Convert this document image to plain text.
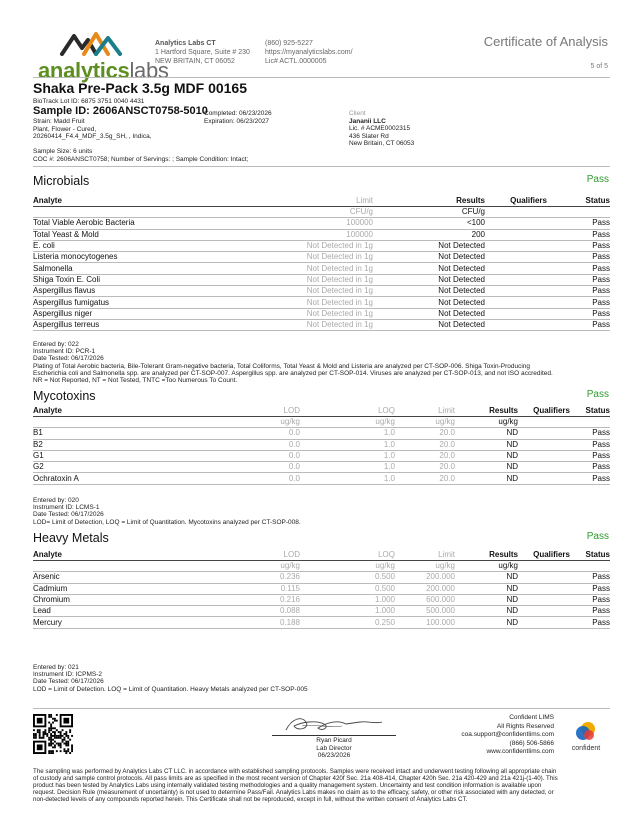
analyticslabs
Analytics Labs CT
1 Hartford Square, Suite # 230
NEW BRITAIN, CT 06052
(860) 925-5227
https://myanalyticslabs.com/
Lic# ACTL.0000005
Certificate of Analysis
5 of 5
Shaka Pre-Pack 3.5g MDF 00165
BioTrack Lot ID: 6875 3751 0040 4431
Sample ID: 2606ANSCT0758-5010
Strain: Madd Fruit
Plant, Flower - Cured,
20260414_F4.4_MDF_3.5g_SH, , Indica,
Completed: 06/23/2026
Expiration: 06/23/2027
Sample Size: 6 units
COC #: 2606ANSCT0758; Number of Servings: ; Sample Condition: Intact;
Client
Jananii LLC
Lic. # ACME0002315
436 Slater Rd
New Britain, CT 06053
Microbials	Pass
Analyte	Limit	Results	Qualifiers	Status
	CFU/g	CFU/g		
Total Viable Aerobic Bacteria	100000	<100		Pass
Total Yeast & Mold	100000	200		Pass
E. coli	Not Detected in 1g	Not Detected		Pass
Listeria monocytogenes	Not Detected in 1g	Not Detected		Pass
Salmonella	Not Detected in 1g	Not Detected		Pass
Shiga Toxin E. Coli	Not Detected in 1g	Not Detected		Pass
Aspergillus flavus	Not Detected in 1g	Not Detected		Pass
Aspergillus fumigatus	Not Detected in 1g	Not Detected		Pass
Aspergillus niger	Not Detected in 1g	Not Detected		Pass
Aspergillus terreus	Not Detected in 1g	Not Detected		Pass
Entered by: 022
Instrument ID: PCR-1
Date Tested: 06/17/2026
Plating of Total Aerobic bacteria, Bile-Tolerant Gram-negative bacteria, Total Coliforms, Total Yeast & Mold and Listeria are analyzed per CT-SOP-006. Shiga Toxin-Producing
Escherichia coli and Salmonella spp. are analyzed per CT-SOP-007. Aspergillus spp. are analyzed per CT-SOP-014. Viruses are analyzed per CT-SOP-013, and not ISO accredited.
NR = Not Reported, NT = Not Tested, TNTC =Too Numerous To Count.
Mycotoxins	Pass
Analyte	LOD	LOQ	Limit	Results	Qualifiers	Status
	ug/kg	ug/kg	ug/kg	ug/kg		
B1	0.0	1.0	20.0	ND		Pass
B2	0.0	1.0	20.0	ND		Pass
G1	0.0	1.0	20.0	ND		Pass
G2	0.0	1.0	20.0	ND		Pass
Ochratoxin A	0.0	1.0	20.0	ND		Pass
Entered by: 020
Instrument ID: LCMS-1
Date Tested: 06/17/2026
LOD= Limit of Detection, LOQ = Limit of Quantitation. Mycotoxins analyzed per CT-SOP-008.
Heavy Metals	Pass
Analyte	LOD	LOQ	Limit	Results	Qualifiers	Status
	ug/kg	ug/kg	ug/kg	ug/kg		
Arsenic	0.236	0.500	200.000	ND		Pass
Cadmium	0.115	0.500	200.000	ND		Pass
Chromium	0.216	1.000	600.000	ND		Pass
Lead	0.088	1.000	500.000	ND		Pass
Mercury	0.188	0.250	100.000	ND		Pass
Entered by: 021
Instrument ID: ICPMS-2
Date Tested: 06/17/2026
LOD = Limit of Detection. LOQ = Limit of Quantitation. Heavy Metals analyzed per CT-SOP-005
Ryan Picard
Lab Director
06/23/2026
Confident LIMS
All Rights Reserved
coa.support@confidentlims.com
(866) 506-5866
www.confidentlims.com	confident
The sampling was performed by Analytics Labs CT LLC. in accordance with established sampling protocols. Samples were received intact and underwent testing following all appropriate chain
of custody and sample control protocols. All pass limits are as specified in the most recent version of Chapter 420f Sec. 21a 408-414, Chapter 420h Sec. 21a 420-429 and 21a 421j-(1-40). This
product has been tested by Analytics Labs using internally validated testing methodologies and a quality management system. Uncertainty and test condition information is available upon
request. Decision Rule (measurement of uncertainty) is not used to determine Pass/Fail. Analytics Labs makes no claim as to the efficacy, safety, or other risk associated with any detected, or
non-detected levels of any compounds reported herein. This Certificate shall not be reproduced, except in full, without the written consent of Analytics Labs CT.
